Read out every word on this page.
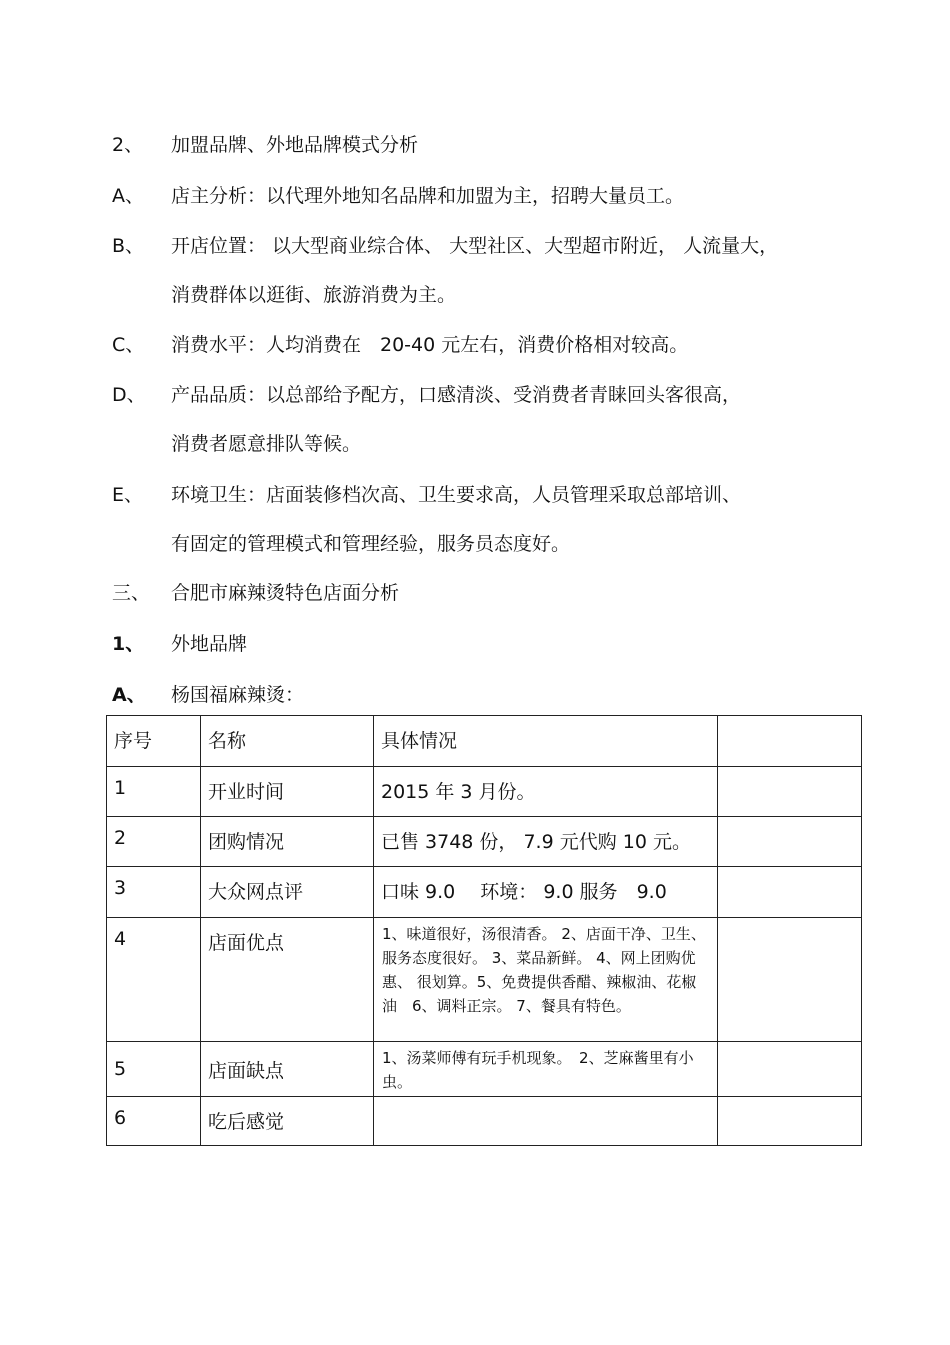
2、 加盟品牌、外地品牌模式分析
A、 店主分析：以代理外地知名品牌和加盟为主，招聘大量员工。
B、 开店位置： 以大型商业综合体、 大型社区、大型超市附近， 人流量大，
消费群体以逛街、旅游消费为主。
C、 消费水平：人均消费在　20-40 元左右，消费价格相对较高。
D、 产品品质：以总部给予配方，口感清淡、受消费者青睐回头客很高，
消费者愿意排队等候。
E、 环境卫生：店面装修档次高、卫生要求高，人员管理采取总部培训、
有固定的管理模式和管理经验，服务员态度好。
三、 合肥市麻辣烫特色店面分析
1、 外地品牌
A、 杨国福麻辣烫：
序号	名称	具体情况	
1	开业时间	2015 年 3 月份。	
2	团购情况	已售 3748 份， 7.9 元代购 10 元。	
3	大众网点评	口味 9.0　 环境： 9.0 服务　9.0	
4	店面优点	1、味道很好，汤很清香。 2、店面干净、卫生、服务态度很好。 3、菜品新鲜。 4、网上团购优惠、 很划算。5、免费提供香醋、辣椒油、花椒油　6、调料正宗。 7、餐具有特色。	
5	店面缺点	1、汤菜师傅有玩手机现象。　2、芝麻酱里有小虫。	
6	吃后感觉		
